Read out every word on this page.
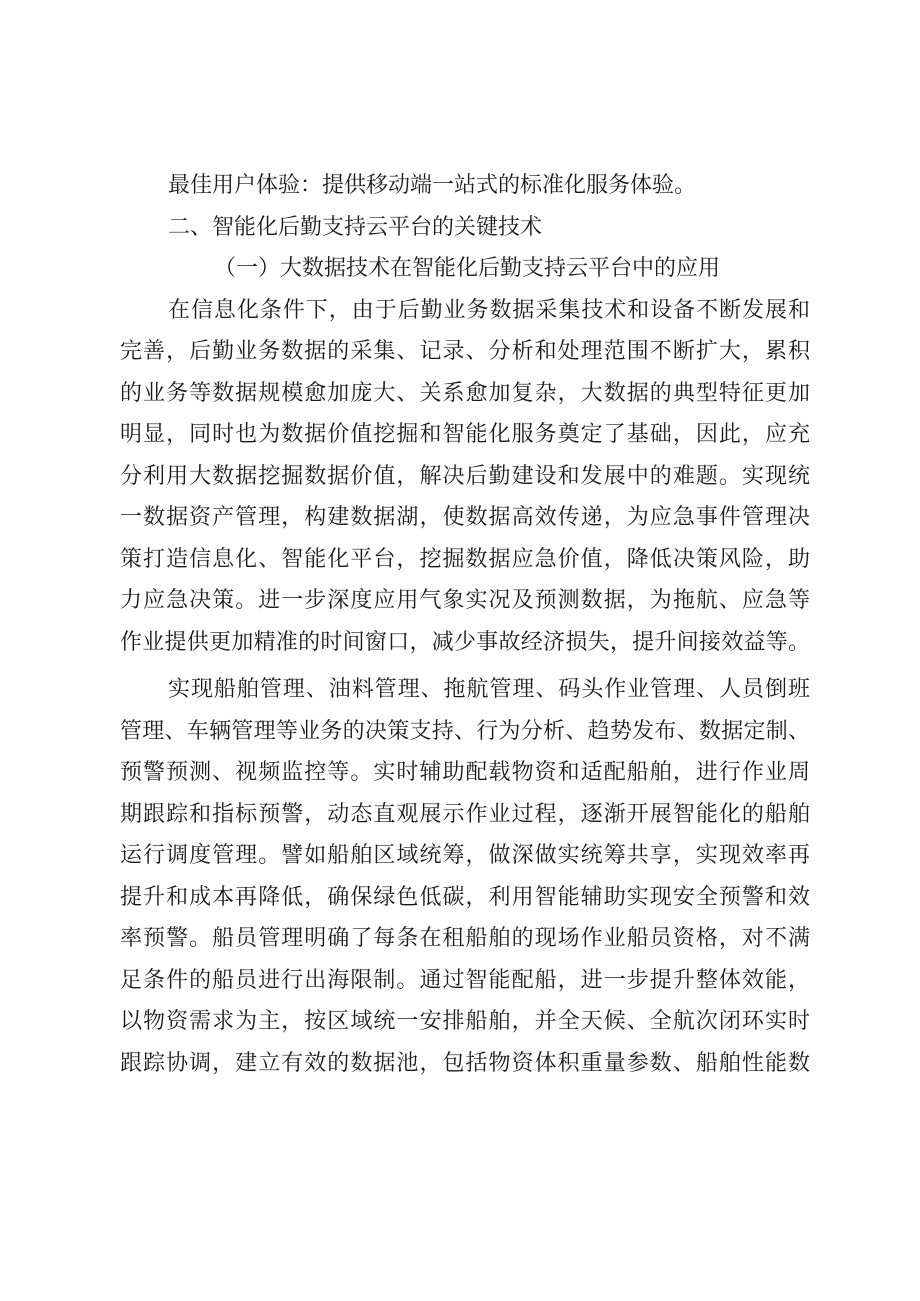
最佳用户体验：提供移动端一站式的标准化服务体验。
二、智能化后勤支持云平台的关键技术
（一）大数据技术在智能化后勤支持云平台中的应用
在信息化条件下，由于后勤业务数据采集技术和设备不断发展和
完善，后勤业务数据的采集、记录、分析和处理范围不断扩大，累积
的业务等数据规模愈加庞大、关系愈加复杂，大数据的典型特征更加
明显，同时也为数据价值挖掘和智能化服务奠定了基础，因此，应充
分利用大数据挖掘数据价值，解决后勤建设和发展中的难题。实现统
一数据资产管理，构建数据湖，使数据高效传递，为应急事件管理决
策打造信息化、智能化平台，挖掘数据应急价值，降低决策风险，助
力应急决策。进一步深度应用气象实况及预测数据，为拖航、应急等
作业提供更加精准的时间窗口，减少事故经济损失，提升间接效益等。
实现船舶管理、油料管理、拖航管理、码头作业管理、人员倒班
管理、车辆管理等业务的决策支持、行为分析、趋势发布、数据定制、
预警预测、视频监控等。实时辅助配载物资和适配船舶，进行作业周
期跟踪和指标预警，动态直观展示作业过程，逐渐开展智能化的船舶
运行调度管理。譬如船舶区域统筹，做深做实统筹共享，实现效率再
提升和成本再降低，确保绿色低碳，利用智能辅助实现安全预警和效
率预警。船员管理明确了每条在租船舶的现场作业船员资格，对不满
足条件的船员进行出海限制。通过智能配船，进一步提升整体效能，
以物资需求为主，按区域统一安排船舶，并全天候、全航次闭环实时
跟踪协调，建立有效的数据池，包括物资体积重量参数、船舶性能数
